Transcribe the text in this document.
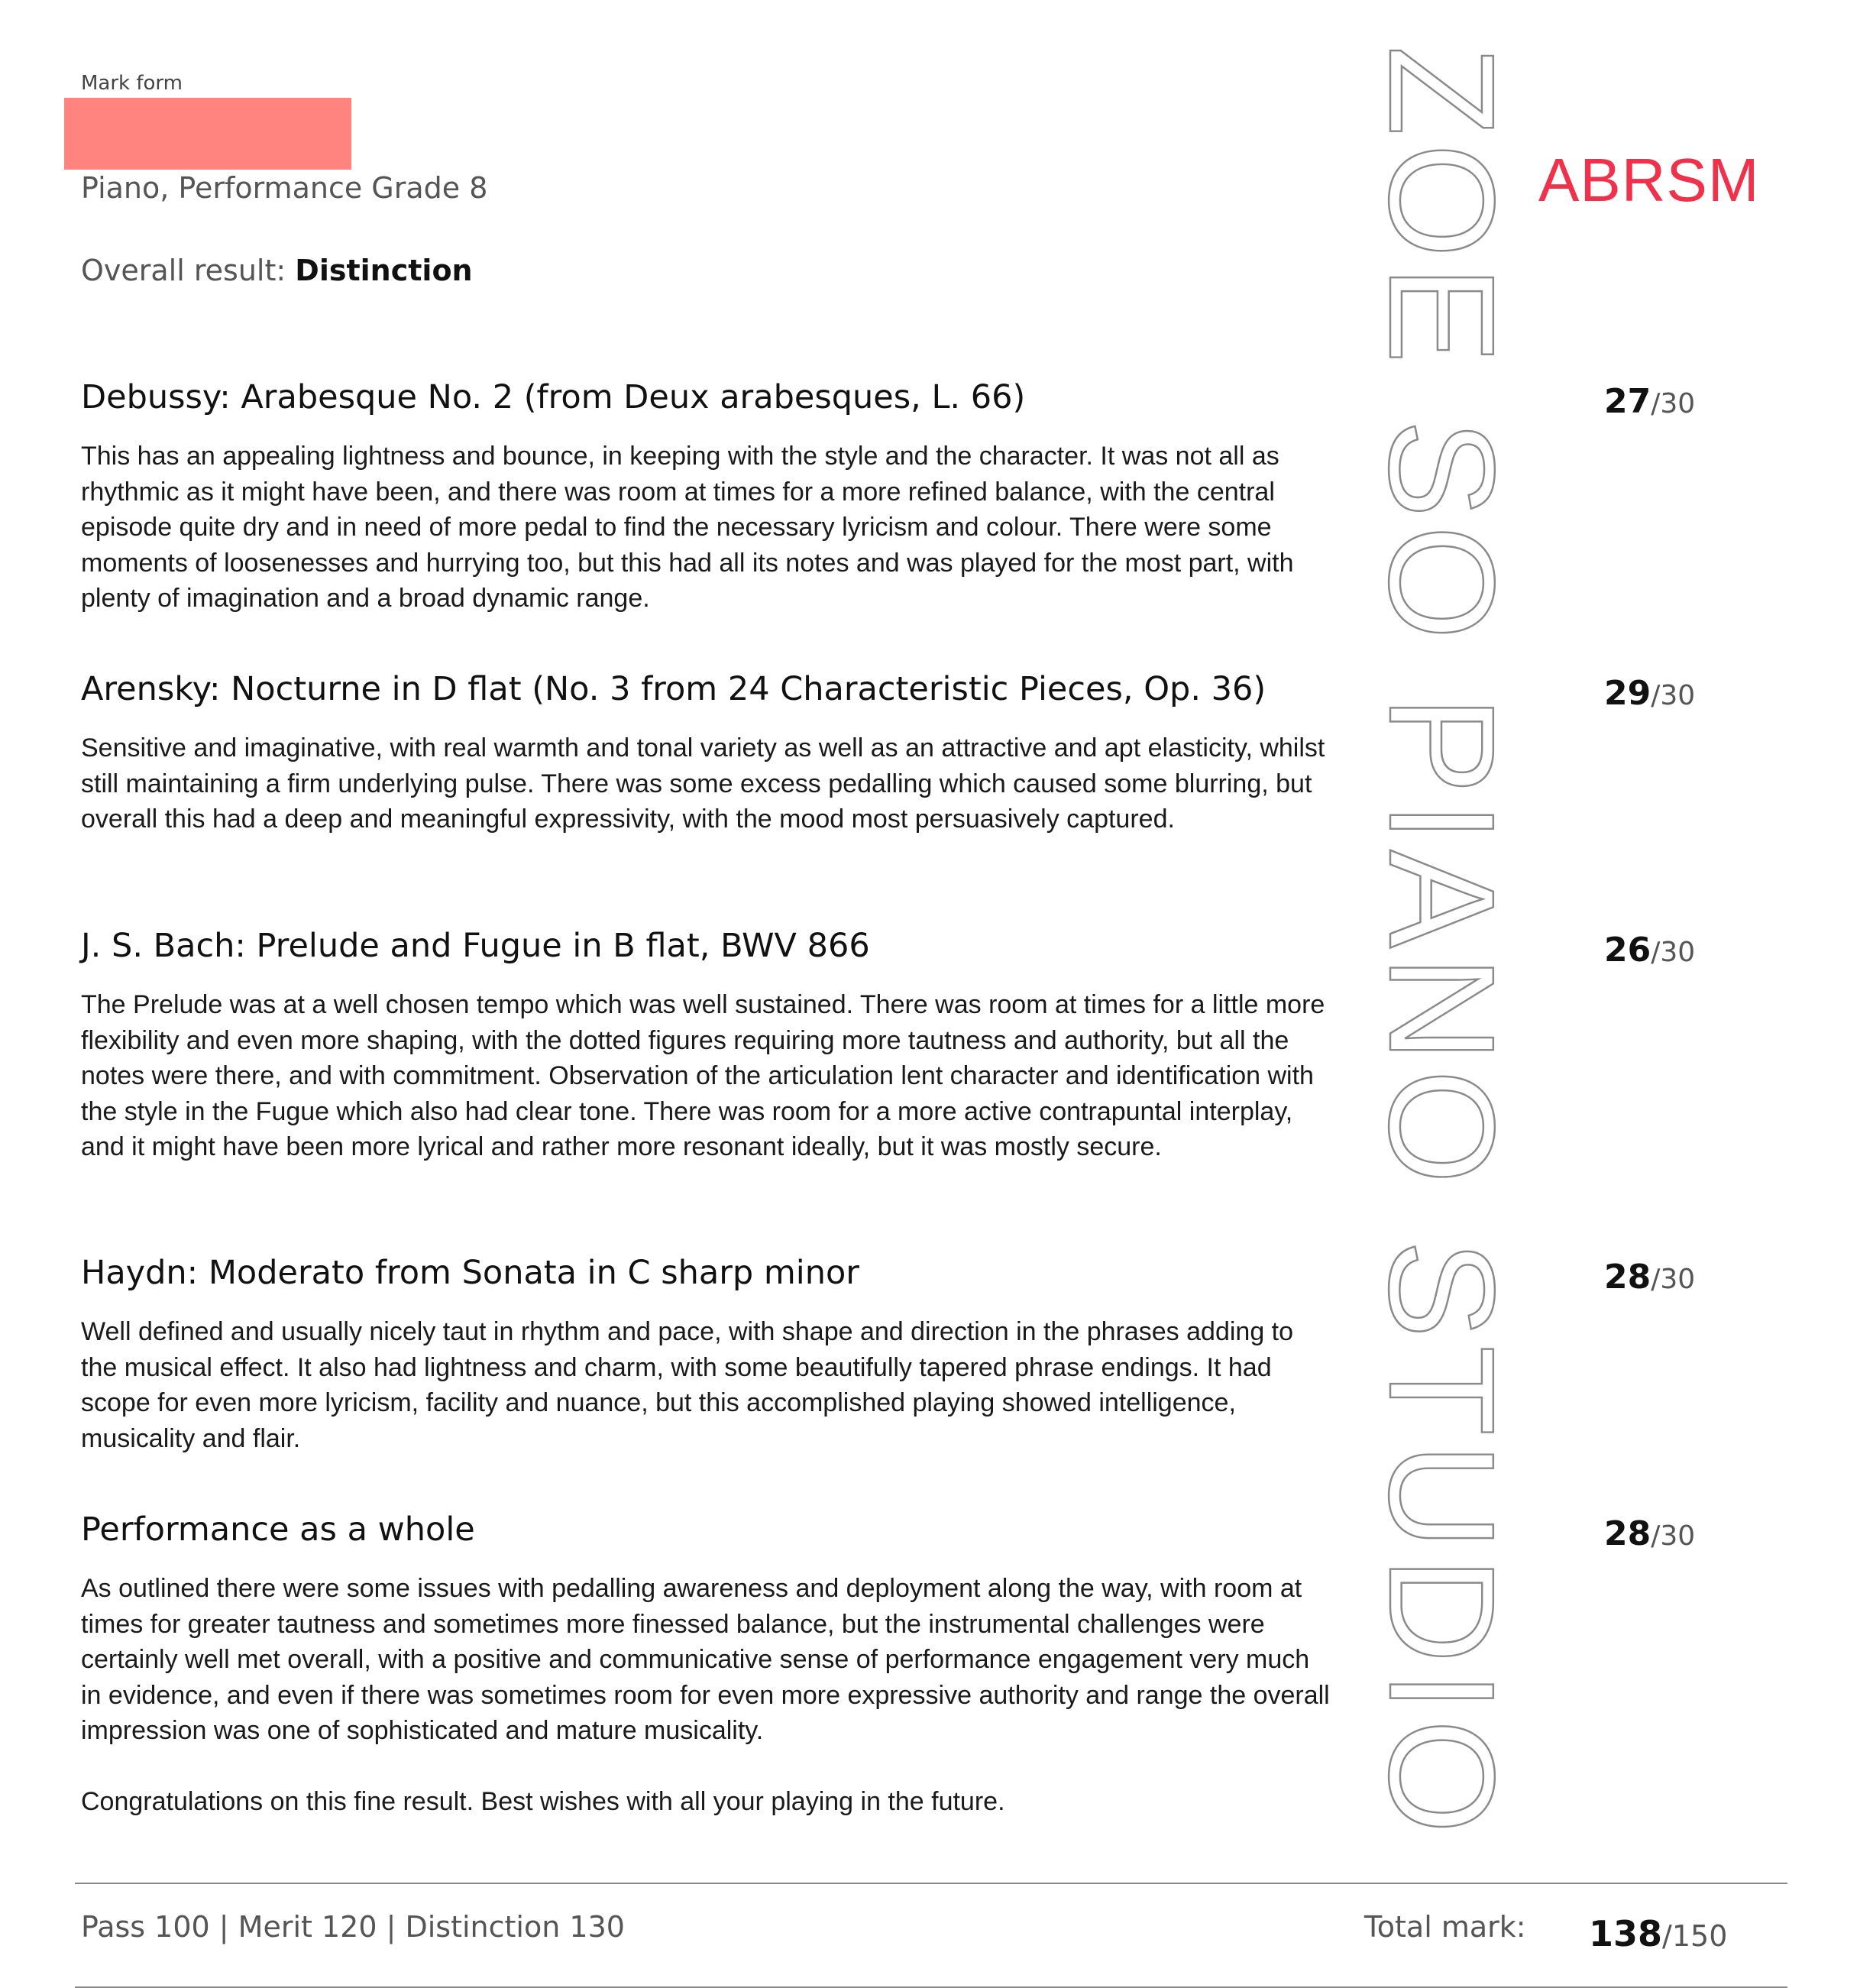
Mark form
Piano, Performance Grade 8
Overall result: Distinction
ABRSM
ZOE SO PIANO STUDIO
Debussy: Arabesque No. 2 (from Deux arabesques, L. 66)

This has an appealing lightness and bounce, in keeping with the style and the character. It was not all as rhythmic as it might have been, and there was room at times for a more refined balance, with the central episode quite dry and in need of more pedal to find the necessary lyricism and colour. There were some moments of loosenesses and hurrying too, but this had all its notes and was played for the most part, with plenty of imagination and a broad dynamic range.

27/30
Arensky: Nocturne in D flat (No. 3 from 24 Characteristic Pieces, Op. 36)

Sensitive and imaginative, with real warmth and tonal variety as well as an attractive and apt elasticity, whilst still maintaining a firm underlying pulse. There was some excess pedalling which caused some blurring, but overall this had a deep and meaningful expressivity, with the mood most persuasively captured.

29/30
J. S. Bach: Prelude and Fugue in B flat, BWV 866

The Prelude was at a well chosen tempo which was well sustained. There was room at times for a little more flexibility and even more shaping, with the dotted figures requiring more tautness and authority, but all the notes were there, and with commitment. Observation of the articulation lent character and identification with the style in the Fugue which also had clear tone. There was room for a more active contrapuntal interplay, and it might have been more lyrical and rather more resonant ideally, but it was mostly secure.

26/30
Haydn: Moderato from Sonata in C sharp minor

Well defined and usually nicely taut in rhythm and pace, with shape and direction in the phrases adding to the musical effect. It also had lightness and charm, with some beautifully tapered phrase endings. It had scope for even more lyricism, facility and nuance, but this accomplished playing showed intelligence, musicality and flair.

28/30
Performance as a whole

As outlined there were some issues with pedalling awareness and deployment along the way, with room at times for greater tautness and sometimes more finessed balance, but the instrumental challenges were certainly well met overall, with a positive and communicative sense of performance engagement very much in evidence, and even if there was sometimes room for even more expressive authority and range the overall impression was one of sophisticated and mature musicality.

Congratulations on this fine result. Best wishes with all your playing in the future.

28/30
Pass 100 | Merit 120 | Distinction 130	Total mark: 138/150
